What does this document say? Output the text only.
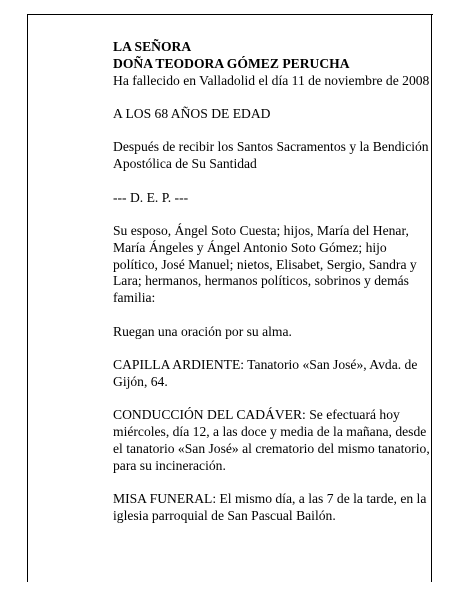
LA SEÑORA

DOÑA TEODORA GÓMEZ PERUCHA

Ha fallecido en Valladolid el día 11 de noviembre de 2008

A LOS 68 AÑOS DE EDAD

Después de recibir los Santos Sacramentos y la Bendición Apostólica de Su Santidad

--- D. E. P. ---

Su esposo, Ángel Soto Cuesta; hijos, María del Henar, María Ángeles y Ángel Antonio Soto Gómez; hijo político, José Manuel; nietos, Elisabet, Sergio, Sandra y Lara; hermanos, hermanos políticos, sobrinos y demás familia:

Ruegan una oración por su alma.

CAPILLA ARDIENTE: Tanatorio «San José», Avda. de Gijón, 64.

CONDUCCIÓN DEL CADÁVER: Se efectuará hoy miércoles, día 12, a las doce y media de la mañana, desde el tanatorio «San José» al crematorio del mismo tanatorio, para su incineración.

MISA FUNERAL: El mismo día, a las 7 de la tarde, en la iglesia parroquial de San Pascual Bailón.
